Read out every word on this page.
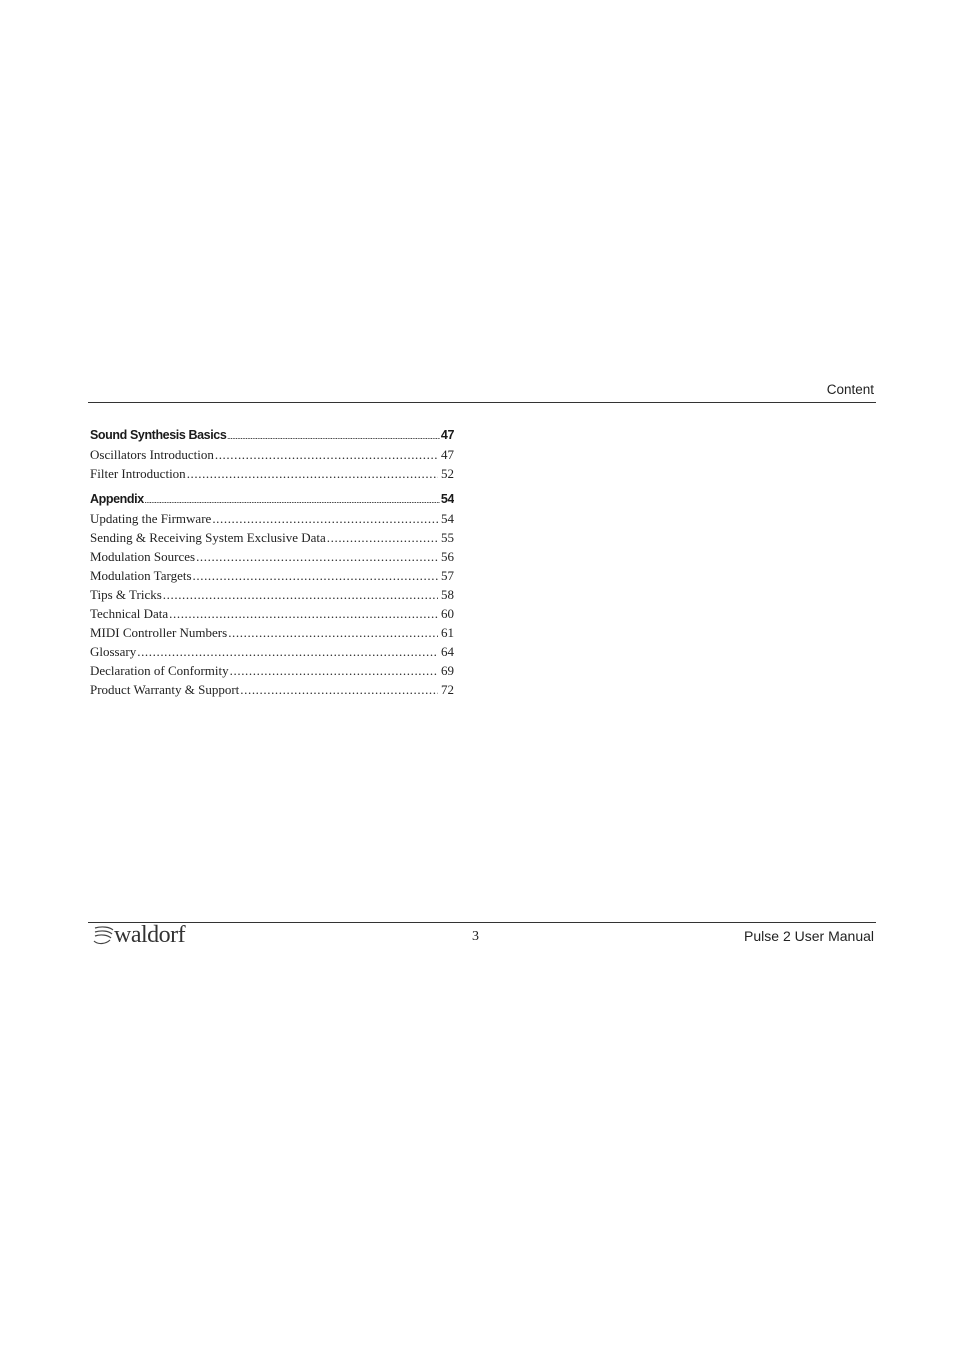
Content
Sound Synthesis Basics .....	47
Oscillators Introduction .....	47
Filter Introduction .....	52
Appendix .....	54
Updating the Firmware .....	54
Sending & Receiving System Exclusive Data .....	55
Modulation Sources .....	56
Modulation Targets .....	57
Tips & Tricks .....	58
Technical Data .....	60
MIDI Controller Numbers .....	61
Glossary .....	64
Declaration of Conformity .....	69
Product Warranty & Support .....	72
waldorf	3	Pulse 2 User Manual
